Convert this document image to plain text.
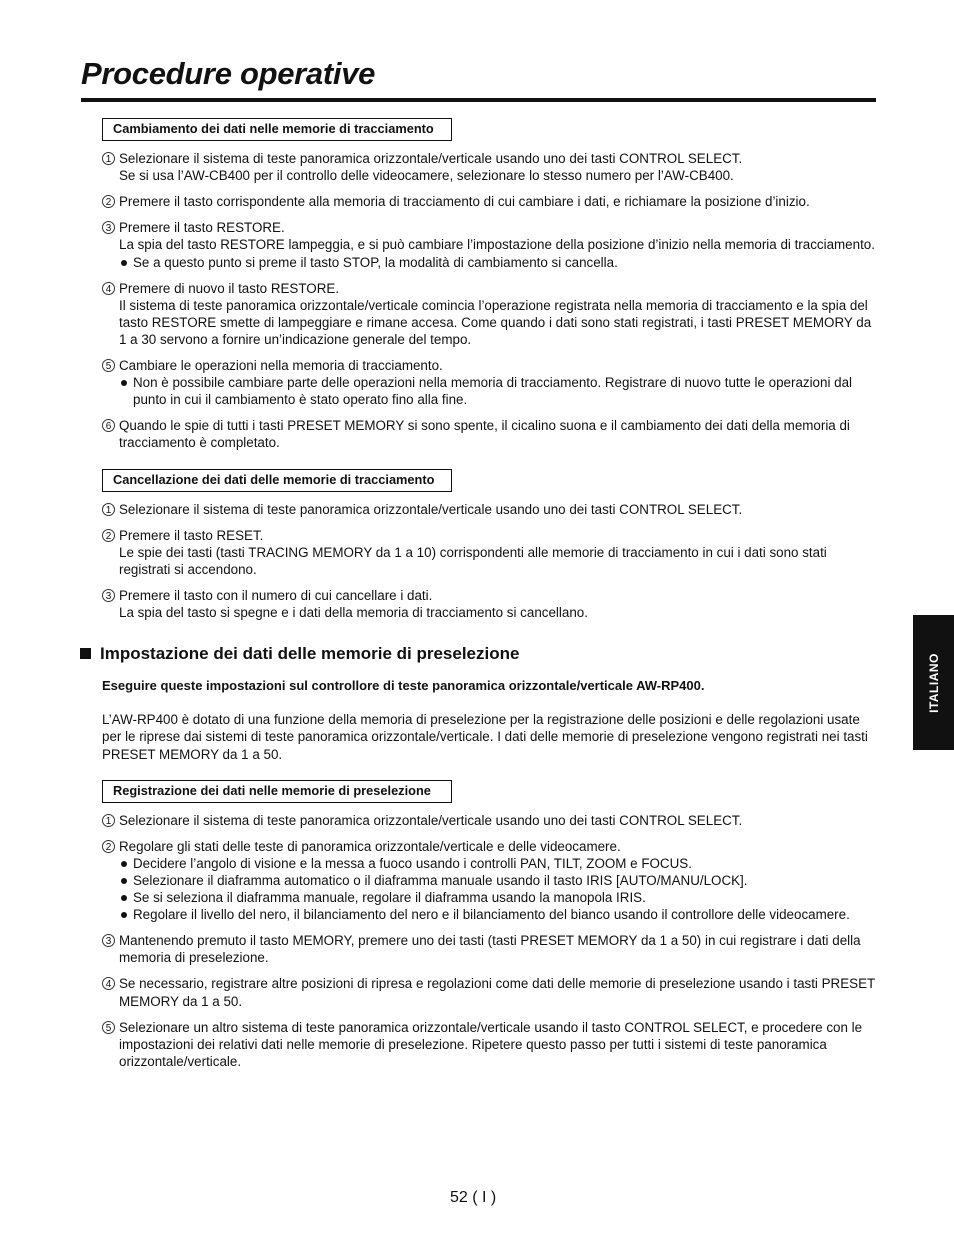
Procedure operative
Cambiamento dei dati nelle memorie di tracciamento
1 Selezionare il sistema di teste panoramica orizzontale/verticale usando uno dei tasti CONTROL SELECT.

Se si usa l’AW-CB400 per il controllo delle videocamere, selezionare lo stesso numero per l’AW-CB400.

2 Premere il tasto corrispondente alla memoria di tracciamento di cui cambiare i dati, e richiamare la posizione d’inizio.

3 Premere il tasto RESTORE.

La spia del tasto RESTORE lampeggia, e si può cambiare l’impostazione della posizione d’inizio nella memoria di tracciamento.

Se a questo punto si preme il tasto STOP, la modalità di cambiamento si cancella.
4 Premere di nuovo il tasto RESTORE.

Il sistema di teste panoramica orizzontale/verticale comincia l’operazione registrata nella memoria di tracciamento e la spia del tasto RESTORE smette di lampeggiare e rimane accesa. Come quando i dati sono stati registrati, i tasti PRESET MEMORY da 1 a 30 servono a fornire un’indicazione generale del tempo.

5 Cambiare le operazioni nella memoria di tracciamento.

Non è possibile cambiare parte delle operazioni nella memoria di tracciamento. Registrare di nuovo tutte le operazioni dal punto in cui il cambiamento è stato operato fino alla fine.
6 Quando le spie di tutti i tasti PRESET MEMORY si sono spente, il cicalino suona e il cambiamento dei dati della memoria di tracciamento è completato.

Cancellazione dei dati delle memorie di tracciamento
1 Selezionare il sistema di teste panoramica orizzontale/verticale usando uno dei tasti CONTROL SELECT.

2 Premere il tasto RESET.

Le spie dei tasti (tasti TRACING MEMORY da 1 a 10) corrispondenti alle memorie di tracciamento in cui i dati sono stati registrati si accendono.

3 Premere il tasto con il numero di cui cancellare i dati.

La spia del tasto si spegne e i dati della memoria di tracciamento si cancellano.

Impostazione dei dati delle memorie di preselezione

Eseguire queste impostazioni sul controllore di teste panoramica orizzontale/verticale AW-RP400.

L’AW-RP400 è dotato di una funzione della memoria di preselezione per la registrazione delle posizioni e delle regolazioni usate per le riprese dai sistemi di teste panoramica orizzontale/verticale. I dati delle memorie di preselezione vengono registrati nei tasti PRESET MEMORY da 1 a 50.

Registrazione dei dati nelle memorie di preselezione
1 Selezionare il sistema di teste panoramica orizzontale/verticale usando uno dei tasti CONTROL SELECT.

2 Regolare gli stati delle teste di panoramica orizzontale/verticale e delle videocamere.

Decidere l’angolo di visione e la messa a fuoco usando i controlli PAN, TILT, ZOOM e FOCUS.
Selezionare il diaframma automatico o il diaframma manuale usando il tasto IRIS [AUTO/MANU/LOCK].
Se si seleziona il diaframma manuale, regolare il diaframma usando la manopola IRIS.
Regolare il livello del nero, il bilanciamento del nero e il bilanciamento del bianco usando il controllore delle videocamere.
3 Mantenendo premuto il tasto MEMORY, premere uno dei tasti (tasti PRESET MEMORY da 1 a 50) in cui registrare i dati della memoria di preselezione.

4 Se necessario, registrare altre posizioni di ripresa e regolazioni come dati delle memorie di preselezione usando i tasti PRESET MEMORY da 1 a 50.

5 Selezionare un altro sistema di teste panoramica orizzontale/verticale usando il tasto CONTROL SELECT, e procedere con le impostazioni dei relativi dati nelle memorie di preselezione. Ripetere questo passo per tutti i sistemi di teste panoramica orizzontale/verticale.

ITALIANO
52 ( I )
